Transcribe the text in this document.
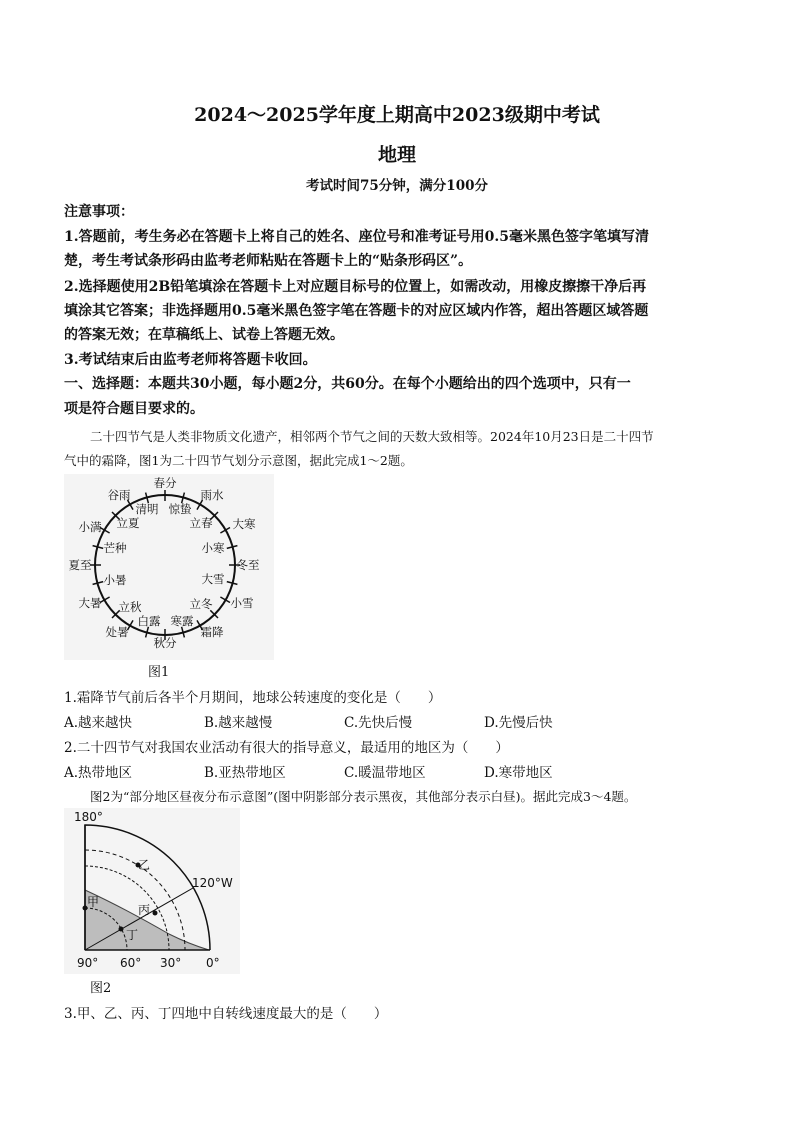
2024～2025学年度上期高中2023级期中考试
地理
考试时间75分钟，满分100分
注意事项：
1.答题前，考生务必在答题卡上将自己的姓名、座位号和准考证号用0.5毫米黑色签字笔填写清
楚，考生考试条形码由监考老师粘贴在答题卡上的“贴条形码区”。
2.选择题使用2B铅笔填涂在答题卡上对应题目标号的位置上，如需改动，用橡皮擦擦干净后再
填涂其它答案；非选择题用0.5毫米黑色签字笔在答题卡的对应区域内作答，超出答题区域答题
的答案无效；在草稿纸上、试卷上答题无效。
3.考试结束后由监考老师将答题卡收回。
一、选择题：本题共30小题，每小题2分，共60分。在每个小题给出的四个选项中，只有一
项是符合题目要求的。
二十四节气是人类非物质文化遗产，相邻两个节气之间的天数大致相等。2024年10月23日是二十四节
气中的霜降，图1为二十四节气划分示意图，据此完成1～2题。
春分
雨水
大寒
冬至
小雪
霜降
秋分
处暑
大暑
夏至
小满
谷雨
清明 惊蛰
立春
小寒
大雪
立冬
寒露
白露
立秋
小暑
芒种
立夏
图1
1.霜降节气前后各半个月期间，地球公转速度的变化是（　　）
A.越来越快	B.越来越慢	C.先快后慢	D.先慢后快
2.二十四节气对我国农业活动有很大的指导意义，最适用的地区为（　　）
A.热带地区	B.亚热带地区	C.暖温带地区	D.寒带地区
图2为“部分地区昼夜分布示意图”(图中阴影部分表示黑夜，其他部分表示白昼)。据此完成3～4题。
180°
120°W
甲
乙
丙
丁
90° 60° 30° 0°
图2
3.甲、乙、丙、丁四地中自转线速度最大的是（　　）
